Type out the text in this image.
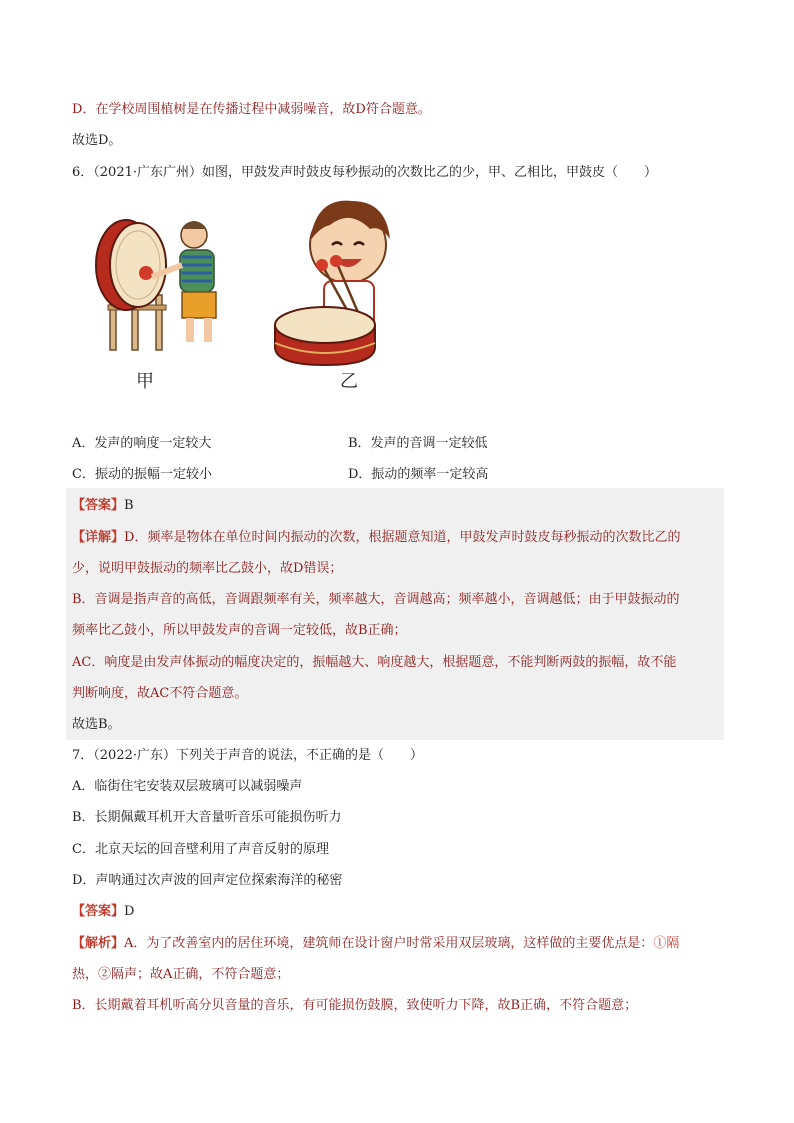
D．在学校周围植树是在传播过程中减弱噪音，故D符合题意。
故选D。
6．（2021·广东广州）如图，甲鼓发声时鼓皮每秒振动的次数比乙的少，甲、乙相比，甲鼓皮（　　）
甲	乙
A．发声的响度一定较大	B．发声的音调一定较低
C．振动的振幅一定较小	D．振动的频率一定较高
【答案】B
【详解】D．频率是物体在单位时间内振动的次数，根据题意知道，甲鼓发声时鼓皮每秒振动的次数比乙的
少，说明甲鼓振动的频率比乙鼓小，故D错误；
B．音调是指声音的高低，音调跟频率有关，频率越大，音调越高；频率越小，音调越低；由于甲鼓振动的
频率比乙鼓小，所以甲鼓发声的音调一定较低，故B正确；
AC．响度是由发声体振动的幅度决定的，振幅越大、响度越大，根据题意，不能判断两鼓的振幅，故不能
判断响度，故AC不符合题意。
故选B。
7．（2022·广东）下列关于声音的说法，不正确的是（　　）
A．临街住宅安装双层玻璃可以减弱噪声
B．长期佩戴耳机开大音量听音乐可能损伤听力
C．北京天坛的回音壁利用了声音反射的原理
D．声呐通过次声波的回声定位探索海洋的秘密
【答案】D
【解析】A．为了改善室内的居住环境，建筑师在设计窗户时常采用双层玻璃，这样做的主要优点是：①隔
热，②隔声；故A正确，不符合题意；
B．长期戴着耳机听高分贝音量的音乐，有可能损伤鼓膜，致使听力下降，故B正确，不符合题意；
